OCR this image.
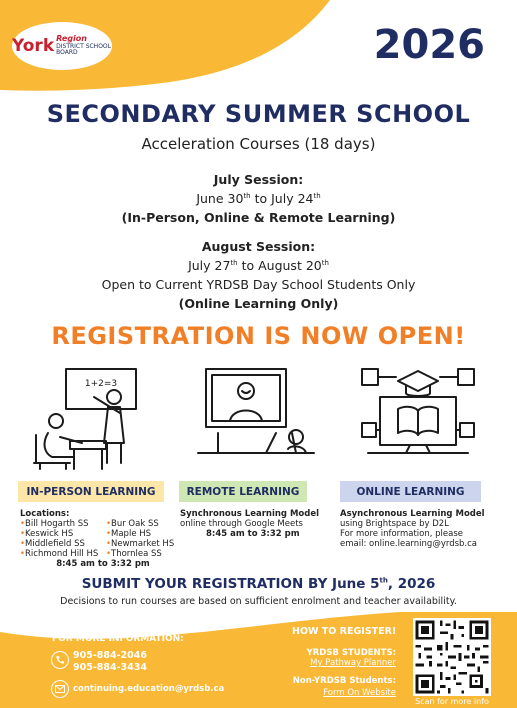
York Region
DISTRICT SCHOOL BOARD	2026
SECONDARY SUMMER SCHOOL
Acceleration Courses (18 days)
July Session:
June 30th to July 24th
(In-Person, Online & Remote Learning)
August Session:
July 27th to August 20th
Open to Current YRDSB Day School Students Only
(Online Learning Only)
REGISTRATION IS NOW OPEN!
1+2=3
IN-PERSON LEARNING	REMOTE LEARNING	ONLINE LEARNING
Locations:
•Bill Hogarth SS
•Keswick HS
•Middlefield SS
•Richmond Hill HS
•Bur Oak SS
•Maple HS
•Newmarket HS
•Thornlea SS
8:45 am to 3:32 pm
Synchronous Learning Model
online through Google Meets
8:45 am to 3:32 pm
Asynchronous Learning Model
using Brightspace by D2L
For more information, please
email: online.learning@yrdsb.ca
SUBMIT YOUR REGISTRATION BY June 5th, 2026
Decisions to run courses are based on sufficient enrolment and teacher availability.
FOR MORE INFORMATION:
905-884-2046
905-884-3434
continuing.education@yrdsb.ca
HOW TO REGISTER!
YRDSB STUDENTS:
My Pathway Planner
Non-YRDSB Students:
Form On Website
Scan for more info
